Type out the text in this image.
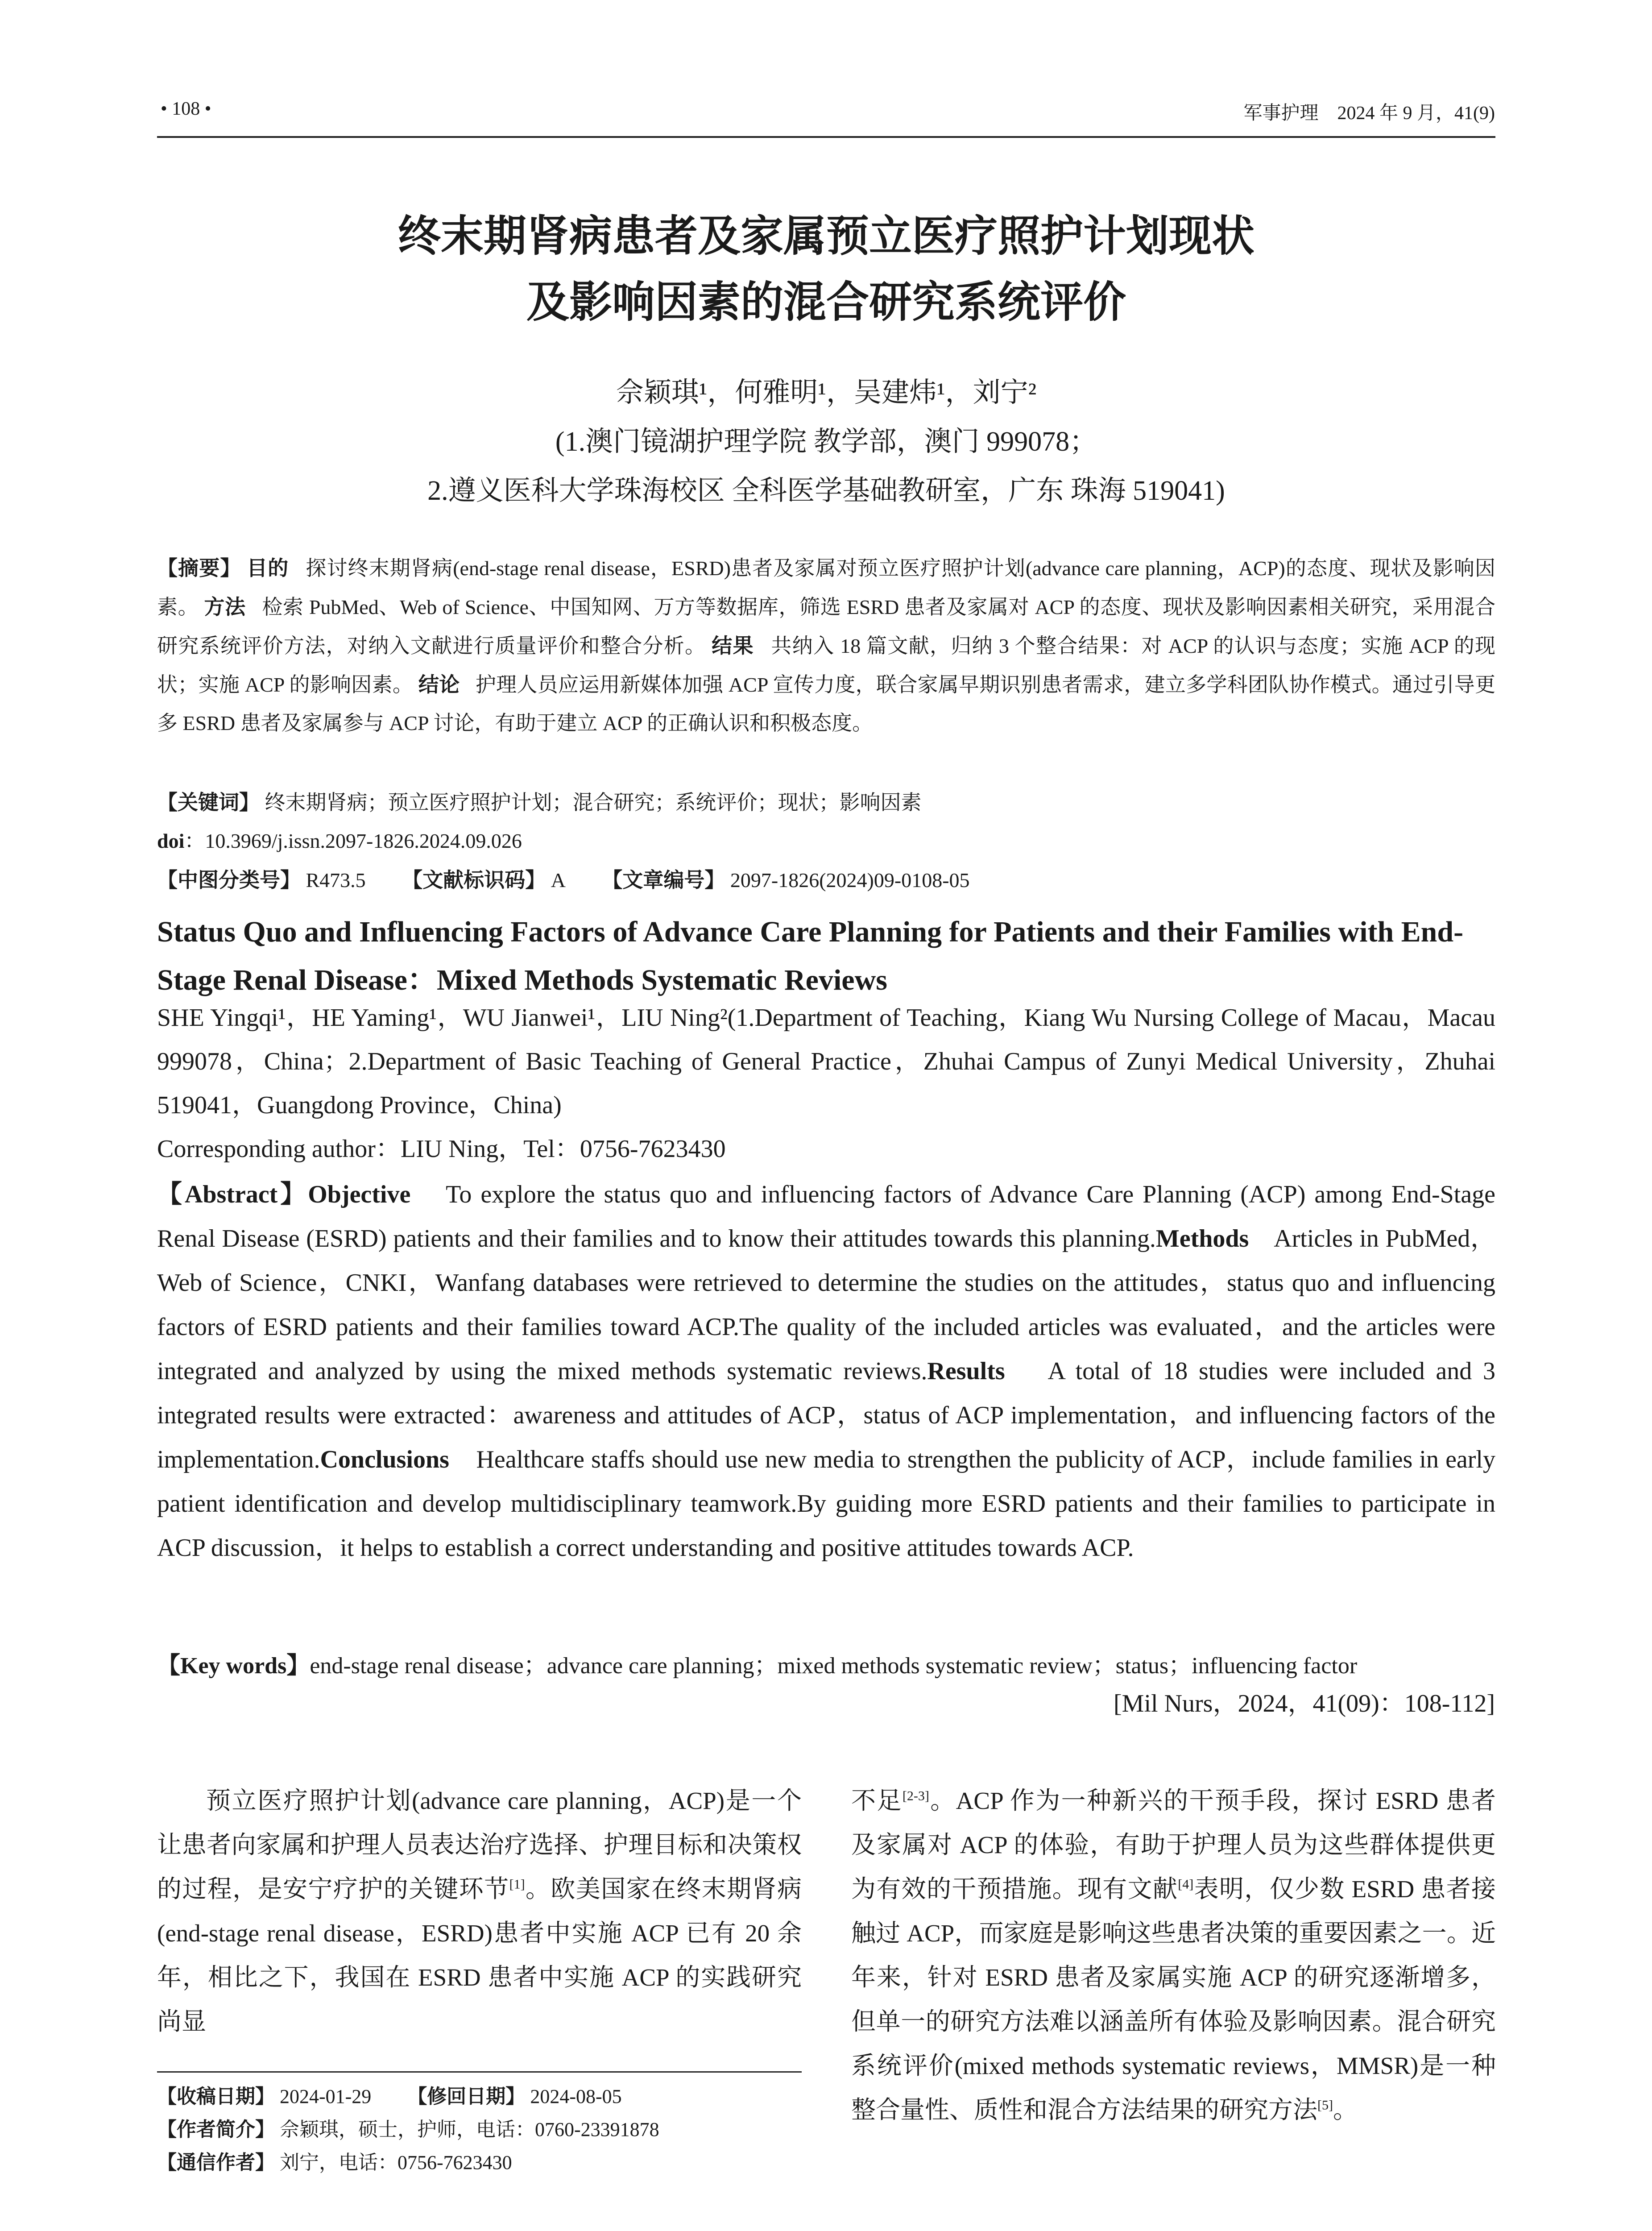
• 108 •	军事护理　2024 年 9 月，41(9)
终末期肾病患者及家属预立医疗照护计划现状
及影响因素的混合研究系统评价
佘颖琪¹，何雅明¹，吴建炜¹，刘宁²
(1.澳门镜湖护理学院 教学部，澳门 999078；
2.遵义医科大学珠海校区 全科医学基础教研室，广东 珠海 519041)
【摘要】 目的 探讨终末期肾病(end-stage renal disease，ESRD)患者及家属对预立医疗照护计划(advance care planning，ACP)的态度、现状及影响因素。 方法 检索 PubMed、Web of Science、中国知网、万方等数据库，筛选 ESRD 患者及家属对 ACP 的态度、现状及影响因素相关研究，采用混合研究系统评价方法，对纳入文献进行质量评价和整合分析。 结果 共纳入 18 篇文献，归纳 3 个整合结果：对 ACP 的认识与态度；实施 ACP 的现状；实施 ACP 的影响因素。 结论 护理人员应运用新媒体加强 ACP 宣传力度，联合家属早期识别患者需求，建立多学科团队协作模式。通过引导更多 ESRD 患者及家属参与 ACP 讨论，有助于建立 ACP 的正确认识和积极态度。
【关键词】 终末期肾病；预立医疗照护计划；混合研究；系统评价；现状；影响因素
doi：10.3969/j.issn.2097-1826.2024.09.026
【中图分类号】 R473.5 【文献标识码】 A 【文章编号】 2097-1826(2024)09-0108-05
Status Quo and Influencing Factors of Advance Care Planning for Patients and their Families with End-Stage Renal Disease：Mixed Methods Systematic Reviews
SHE Yingqi¹，HE Yaming¹，WU Jianwei¹，LIU Ning²(1.Department of Teaching，Kiang Wu Nursing College of Macau，Macau 999078，China；2.Department of Basic Teaching of General Practice，Zhuhai Campus of Zunyi Medical University，Zhuhai 519041，Guangdong Province，China)
Corresponding author：LIU Ning，Tel：0756-7623430
【Abstract】Objective To explore the status quo and influencing factors of Advance Care Planning (ACP) among End-Stage Renal Disease (ESRD) patients and their families and to know their attitudes towards this planning.Methods Articles in PubMed，Web of Science，CNKI，Wanfang databases were retrieved to determine the studies on the attitudes，status quo and influencing factors of ESRD patients and their families toward ACP.The quality of the included articles was evaluated，and the articles were integrated and analyzed by using the mixed methods systematic reviews.Results A total of 18 studies were included and 3 integrated results were extracted：awareness and attitudes of ACP，status of ACP implementation，and influencing factors of the implementation.Conclusions Healthcare staffs should use new media to strengthen the publicity of ACP，include families in early patient identification and develop multidisciplinary teamwork.By guiding more ESRD patients and their families to participate in ACP discussion，it helps to establish a correct understanding and positive attitudes towards ACP.
【Key words】end-stage renal disease；advance care planning；mixed methods systematic review；status；influencing factor
[Mil Nurs，2024，41(09)：108-112]

预立医疗照护计划(advance care planning，ACP)是一个让患者向家属和护理人员表达治疗选择、护理目标和决策权的过程，是安宁疗护的关键环节[1]。欧美国家在终末期肾病(end-stage renal disease，ESRD)患者中实施 ACP 已有 20 余年，相比之下，我国在 ESRD 患者中实施 ACP 的实践研究尚显

不足[2-3]。ACP 作为一种新兴的干预手段，探讨 ESRD 患者及家属对 ACP 的体验，有助于护理人员为这些群体提供更为有效的干预措施。现有文献[4]表明，仅少数 ESRD 患者接触过 ACP，而家庭是影响这些患者决策的重要因素之一。近年来，针对 ESRD 患者及家属实施 ACP 的研究逐渐增多，但单一的研究方法难以涵盖所有体验及影响因素。混合研究系统评价(mixed methods systematic reviews，MMSR)是一种整合量性、质性和混合方法结果的研究方法[5]。

【收稿日期】 2024-01-29 【修回日期】 2024-08-05
【作者简介】 佘颖琪，硕士，护师，电话：0760-23391878
【通信作者】 刘宁，电话：0756-7623430
